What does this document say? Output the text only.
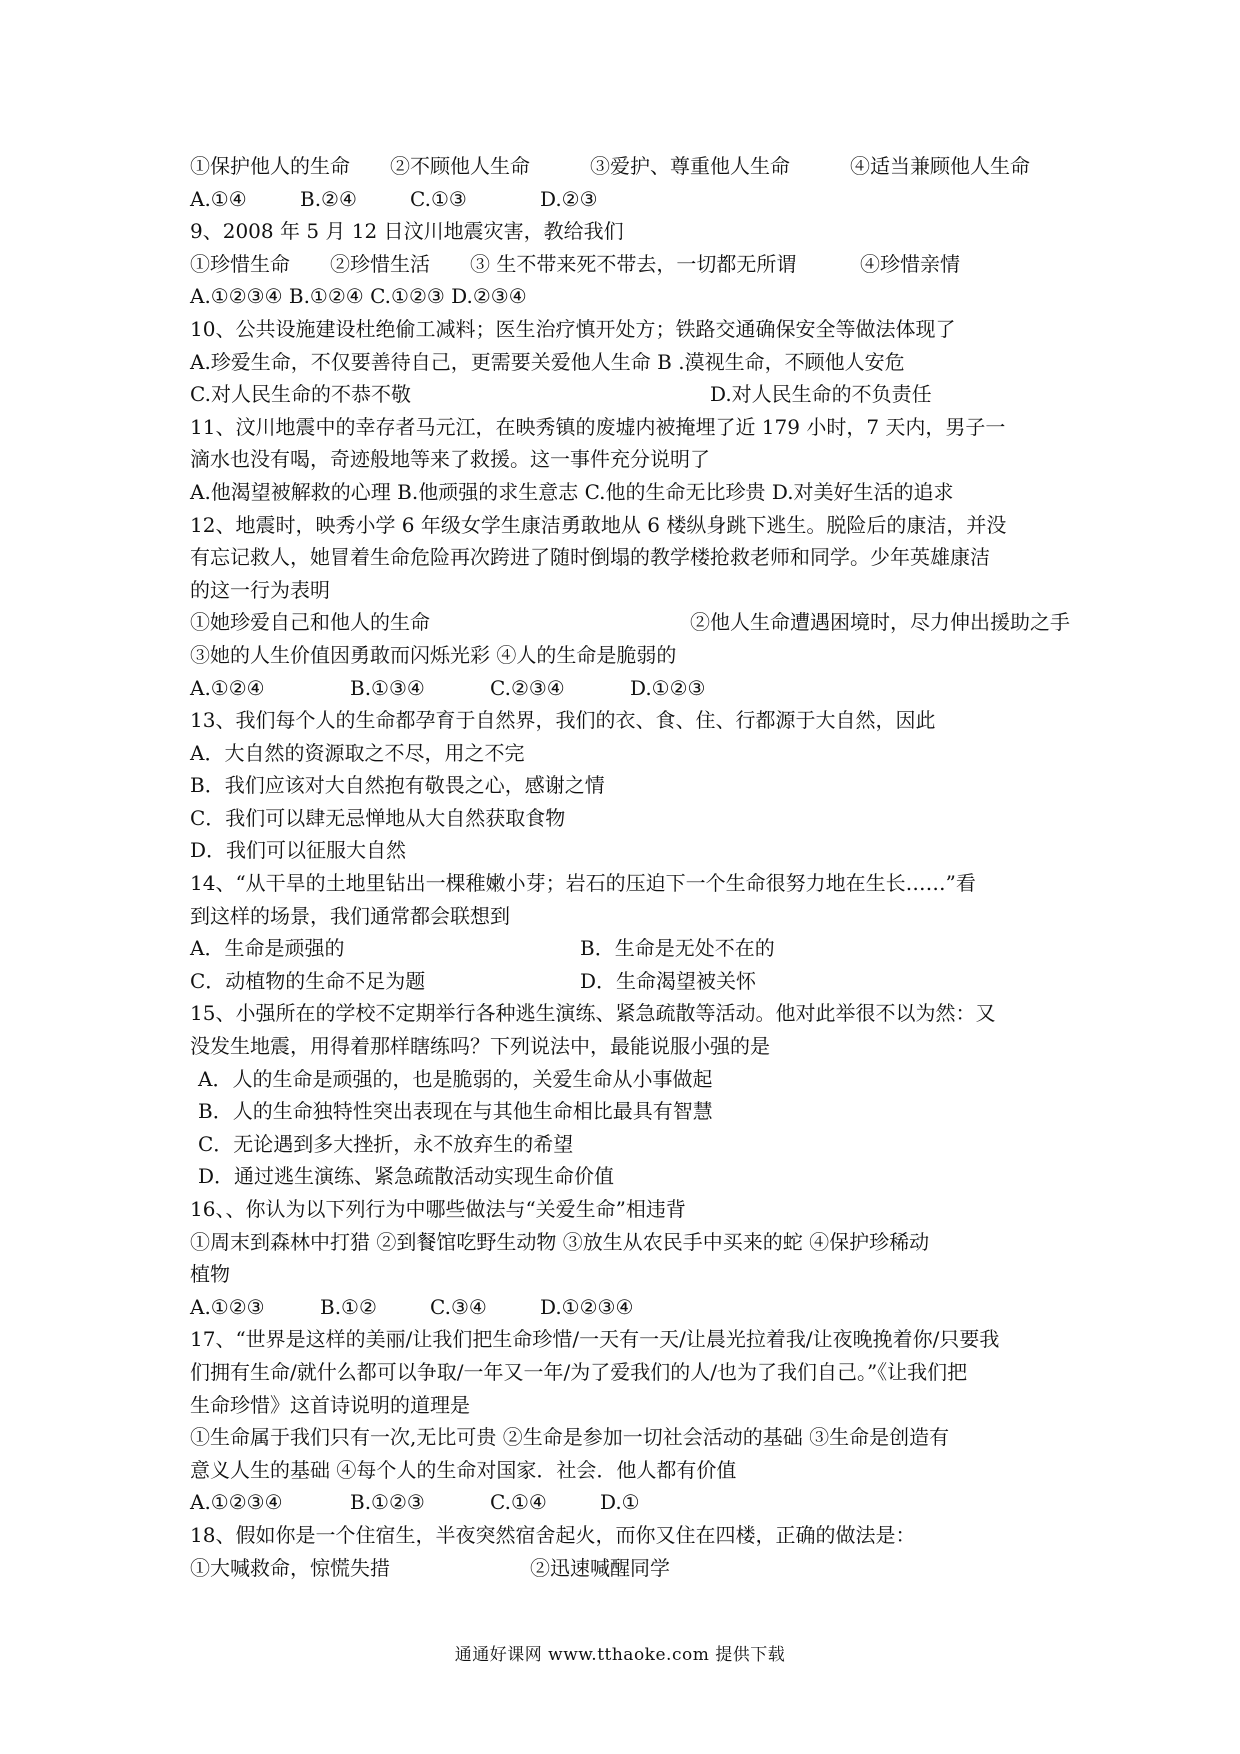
①保护他人的生命	②不顾他人生命	③爱护、尊重他人生命	④适当兼顾他人生命
A.①④	B.②④	C.①③	D.②③
9、2008 年 5 月 12 日汶川地震灾害，教给我们
①珍惜生命	②珍惜生活	③ 生不带来死不带去，一切都无所谓	④珍惜亲情
A.①②③④ B.①②④ C.①②③ D.②③④
10、公共设施建设杜绝偷工减料；医生治疗慎开处方；铁路交通确保安全等做法体现了
A.珍爱生命，不仅要善待自己，更需要关爱他人生命 B .漠视生命，不顾他人安危
C.对人民生命的不恭不敬	D.对人民生命的不负责任
11、汶川地震中的幸存者马元江，在映秀镇的废墟内被掩埋了近 179 小时，7 天内，男子一
滴水也没有喝，奇迹般地等来了救援。这一事件充分说明了
A.他渴望被解救的心理 B.他顽强的求生意志 C.他的生命无比珍贵 D.对美好生活的追求
12、地震时，映秀小学 6 年级女学生康洁勇敢地从 6 楼纵身跳下逃生。脱险后的康洁，并没
有忘记救人，她冒着生命危险再次跨进了随时倒塌的教学楼抢救老师和同学。少年英雄康洁
的这一行为表明
①她珍爱自己和他人的生命	②他人生命遭遇困境时，尽力伸出援助之手
③她的人生价值因勇敢而闪烁光彩 ④人的生命是脆弱的
A.①②④	B.①③④	C.②③④	D.①②③
13、我们每个人的生命都孕育于自然界，我们的衣、食、住、行都源于大自然，因此
A．大自然的资源取之不尽，用之不完
B．我们应该对大自然抱有敬畏之心，感谢之情
C．我们可以肆无忌惮地从大自然获取食物
D．我们可以征服大自然
14、“从干旱的土地里钻出一棵稚嫩小芽；岩石的压迫下一个生命很努力地在生长……”看
到这样的场景，我们通常都会联想到
A．生命是顽强的	B．生命是无处不在的
C．动植物的生命不足为题	D．生命渴望被关怀
15、小强所在的学校不定期举行各种逃生演练、紧急疏散等活动。他对此举很不以为然：又
没发生地震，用得着那样瞎练吗？下列说法中，最能说服小强的是
A．人的生命是顽强的，也是脆弱的，关爱生命从小事做起
B．人的生命独特性突出表现在与其他生命相比最具有智慧
C．无论遇到多大挫折，永不放弃生的希望
D．通过逃生演练、紧急疏散活动实现生命价值
16、、你认为以下列行为中哪些做法与“关爱生命”相违背
①周末到森林中打猎 ②到餐馆吃野生动物 ③放生从农民手中买来的蛇 ④保护珍稀动
植物
A.①②③	B.①②	C.③④	D.①②③④
17、“世界是这样的美丽/让我们把生命珍惜/一天有一天/让晨光拉着我/让夜晚挽着你/只要我
们拥有生命/就什么都可以争取/一年又一年/为了爱我们的人/也为了我们自己。”《让我们把
生命珍惜》这首诗说明的道理是
①生命属于我们只有一次,无比可贵 ②生命是参加一切社会活动的基础 ③生命是创造有
意义人生的基础 ④每个人的生命对国家．社会．他人都有价值
A.①②③④	B.①②③	C.①④	D.①
18、假如你是一个住宿生，半夜突然宿舍起火，而你又住在四楼，正确的做法是：
①大喊救命，惊慌失措	②迅速喊醒同学
通通好课网 www.tthaoke.com 提供下载
